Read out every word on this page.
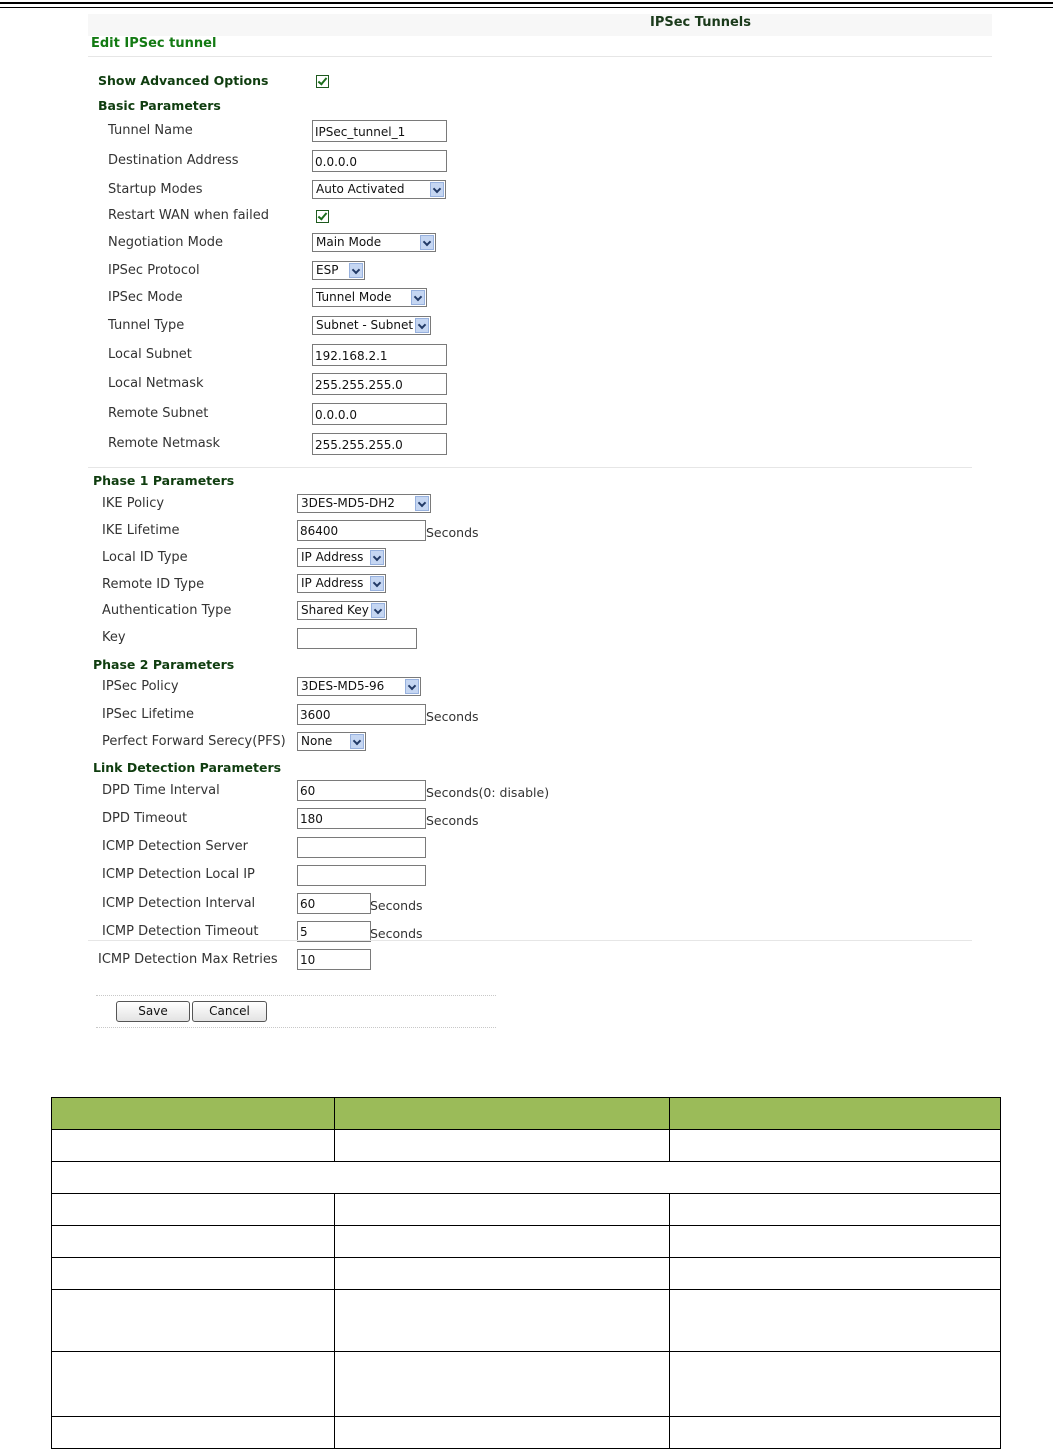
IPSec Tunnels
Edit IPSec tunnel
Show Advanced Options
Basic Parameters
Tunnel Name	IPSec_tunnel_1
Destination Address	0.0.0.0
Startup Modes	Auto Activated
Restart WAN when failed
Negotiation Mode	Main Mode
IPSec Protocol	ESP
IPSec Mode	Tunnel Mode
Tunnel Type	Subnet - Subnet
Local Subnet	192.168.2.1
Local Netmask	255.255.255.0
Remote Subnet	0.0.0.0
Remote Netmask	255.255.255.0
Phase 1 Parameters
IKE Policy	3DES-MD5-DH2
IKE Lifetime	86400	Seconds
Local ID Type	IP Address
Remote ID Type	IP Address
Authentication Type	Shared Key
Key
Phase 2 Parameters
IPSec Policy	3DES-MD5-96
IPSec Lifetime	3600	Seconds
Perfect Forward Serecy(PFS)	None
Link Detection Parameters
DPD Time Interval	60	Seconds(0: disable)
DPD Timeout	180	Seconds
ICMP Detection Server
ICMP Detection Local IP
ICMP Detection Interval	60	Seconds
ICMP Detection Timeout	5	Seconds
ICMP Detection Max Retries 10
Save	Cancel
